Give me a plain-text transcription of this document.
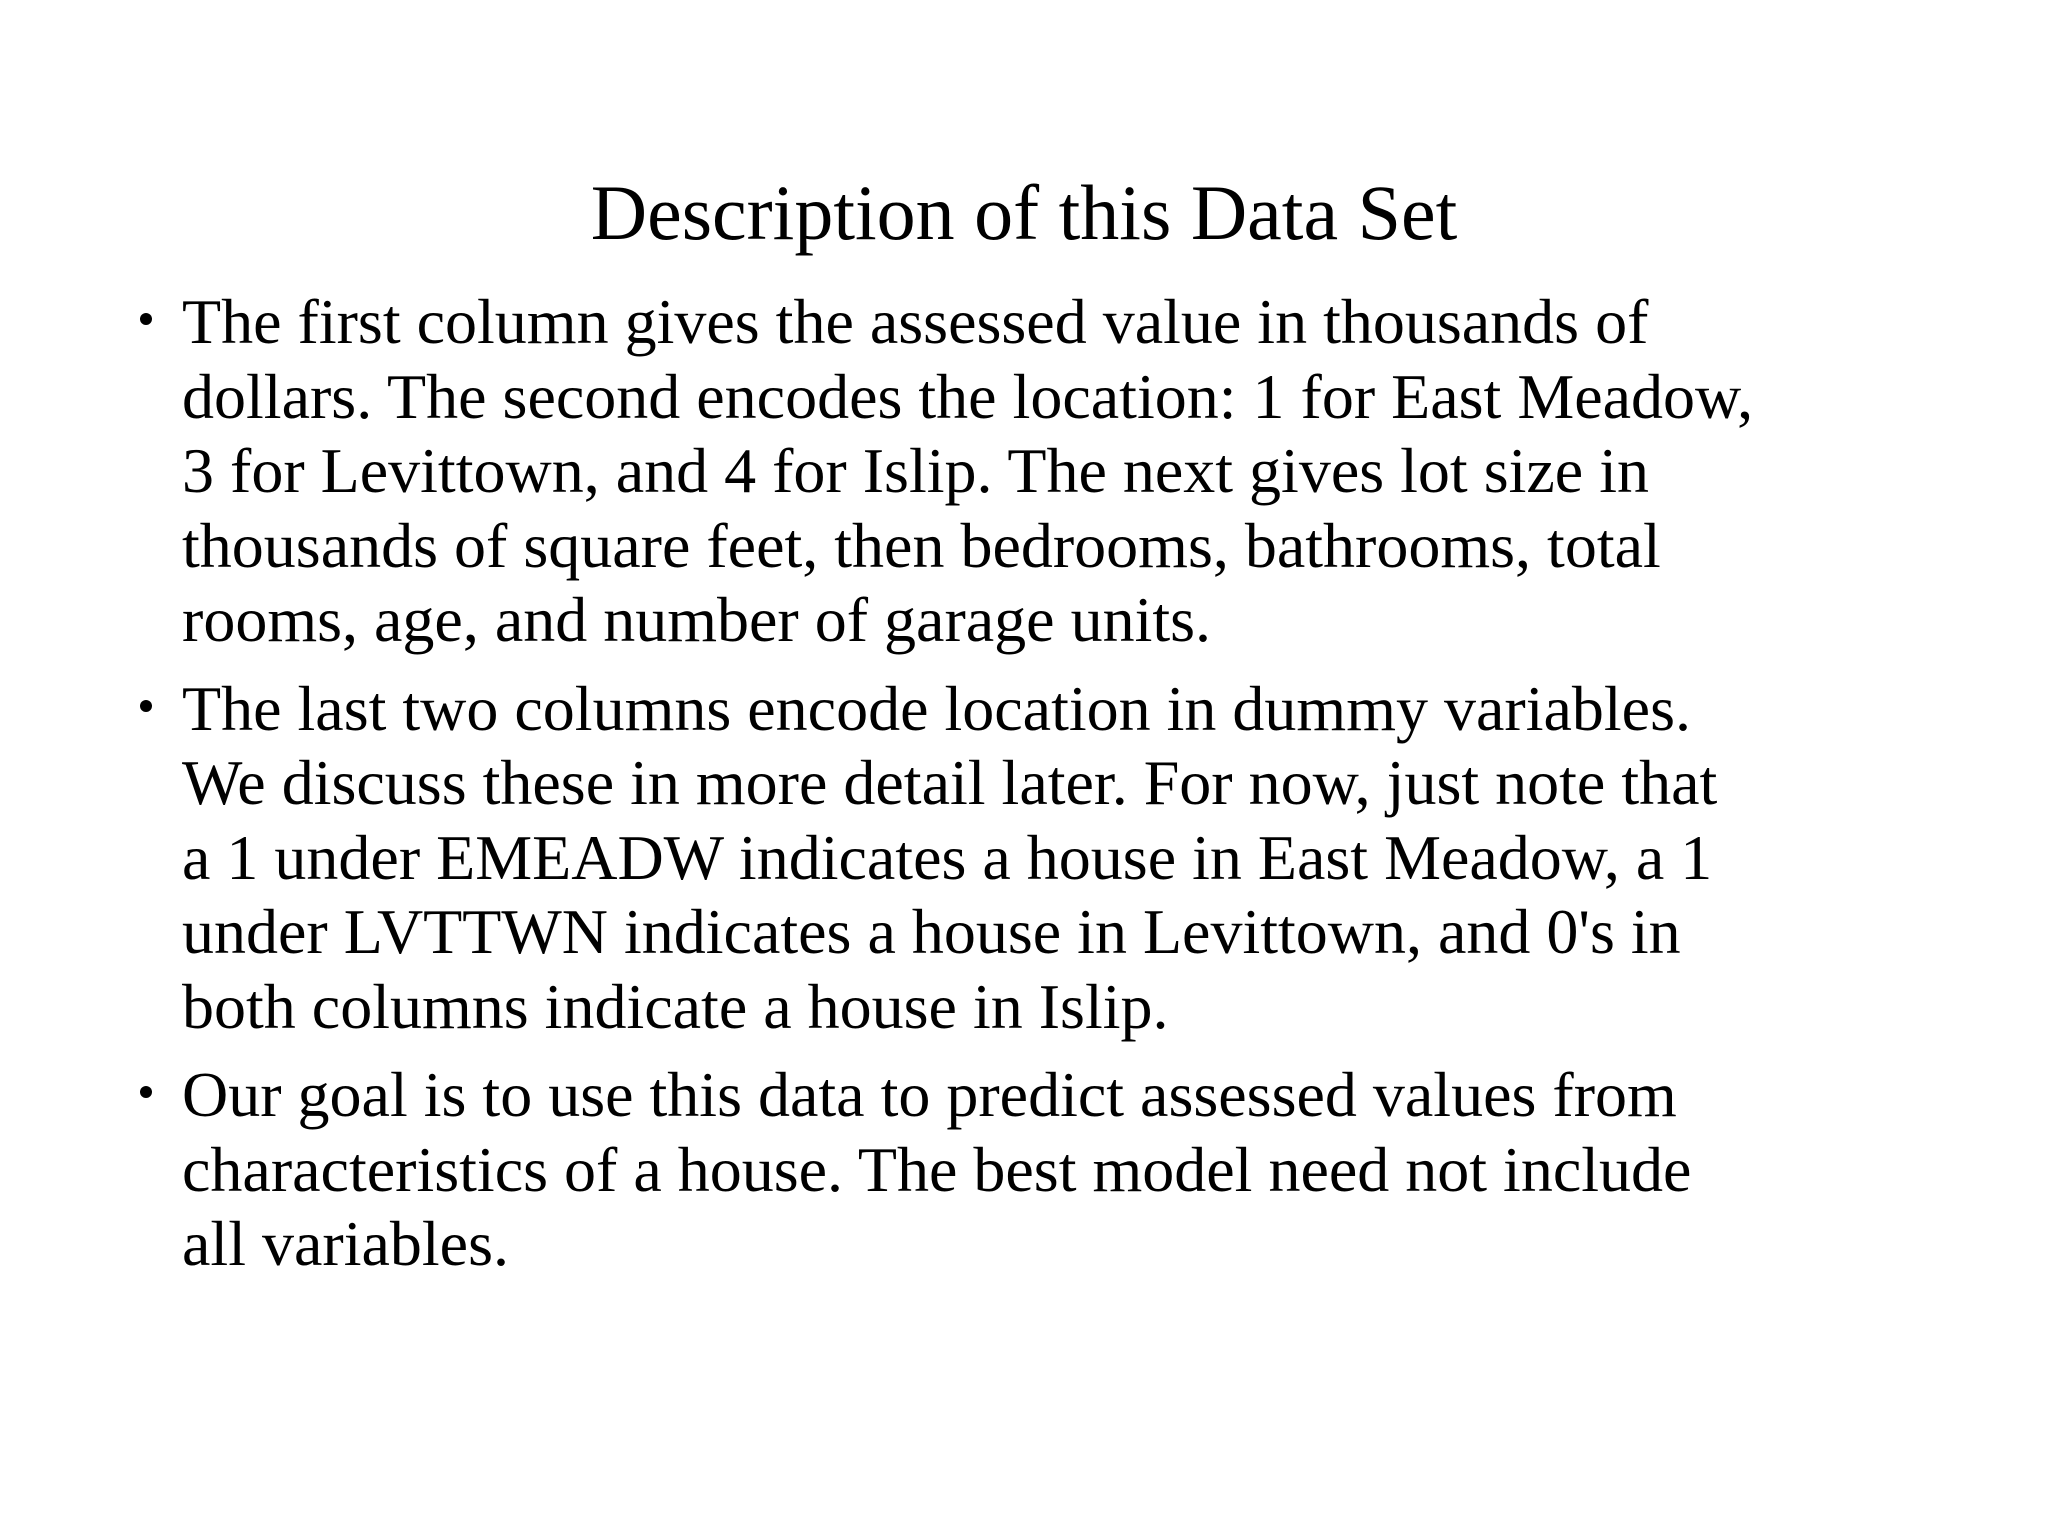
Description of this Data Set
The first column gives the assessed value in thousands of
dollars. The second encodes the location: 1 for East Meadow,
3 for Levittown, and 4 for Islip. The next gives lot size in
thousands of square feet, then bedrooms, bathrooms, total
rooms, age, and number of garage units.
The last two columns encode location in dummy variables.
We discuss these in more detail later. For now, just note that
a 1 under EMEADW indicates a house in East Meadow, a 1
under LVTTWN indicates a house in Levittown, and 0's in
both columns indicate a house in Islip.
Our goal is to use this data to predict assessed values from
characteristics of a house. The best model need not include
all variables.
